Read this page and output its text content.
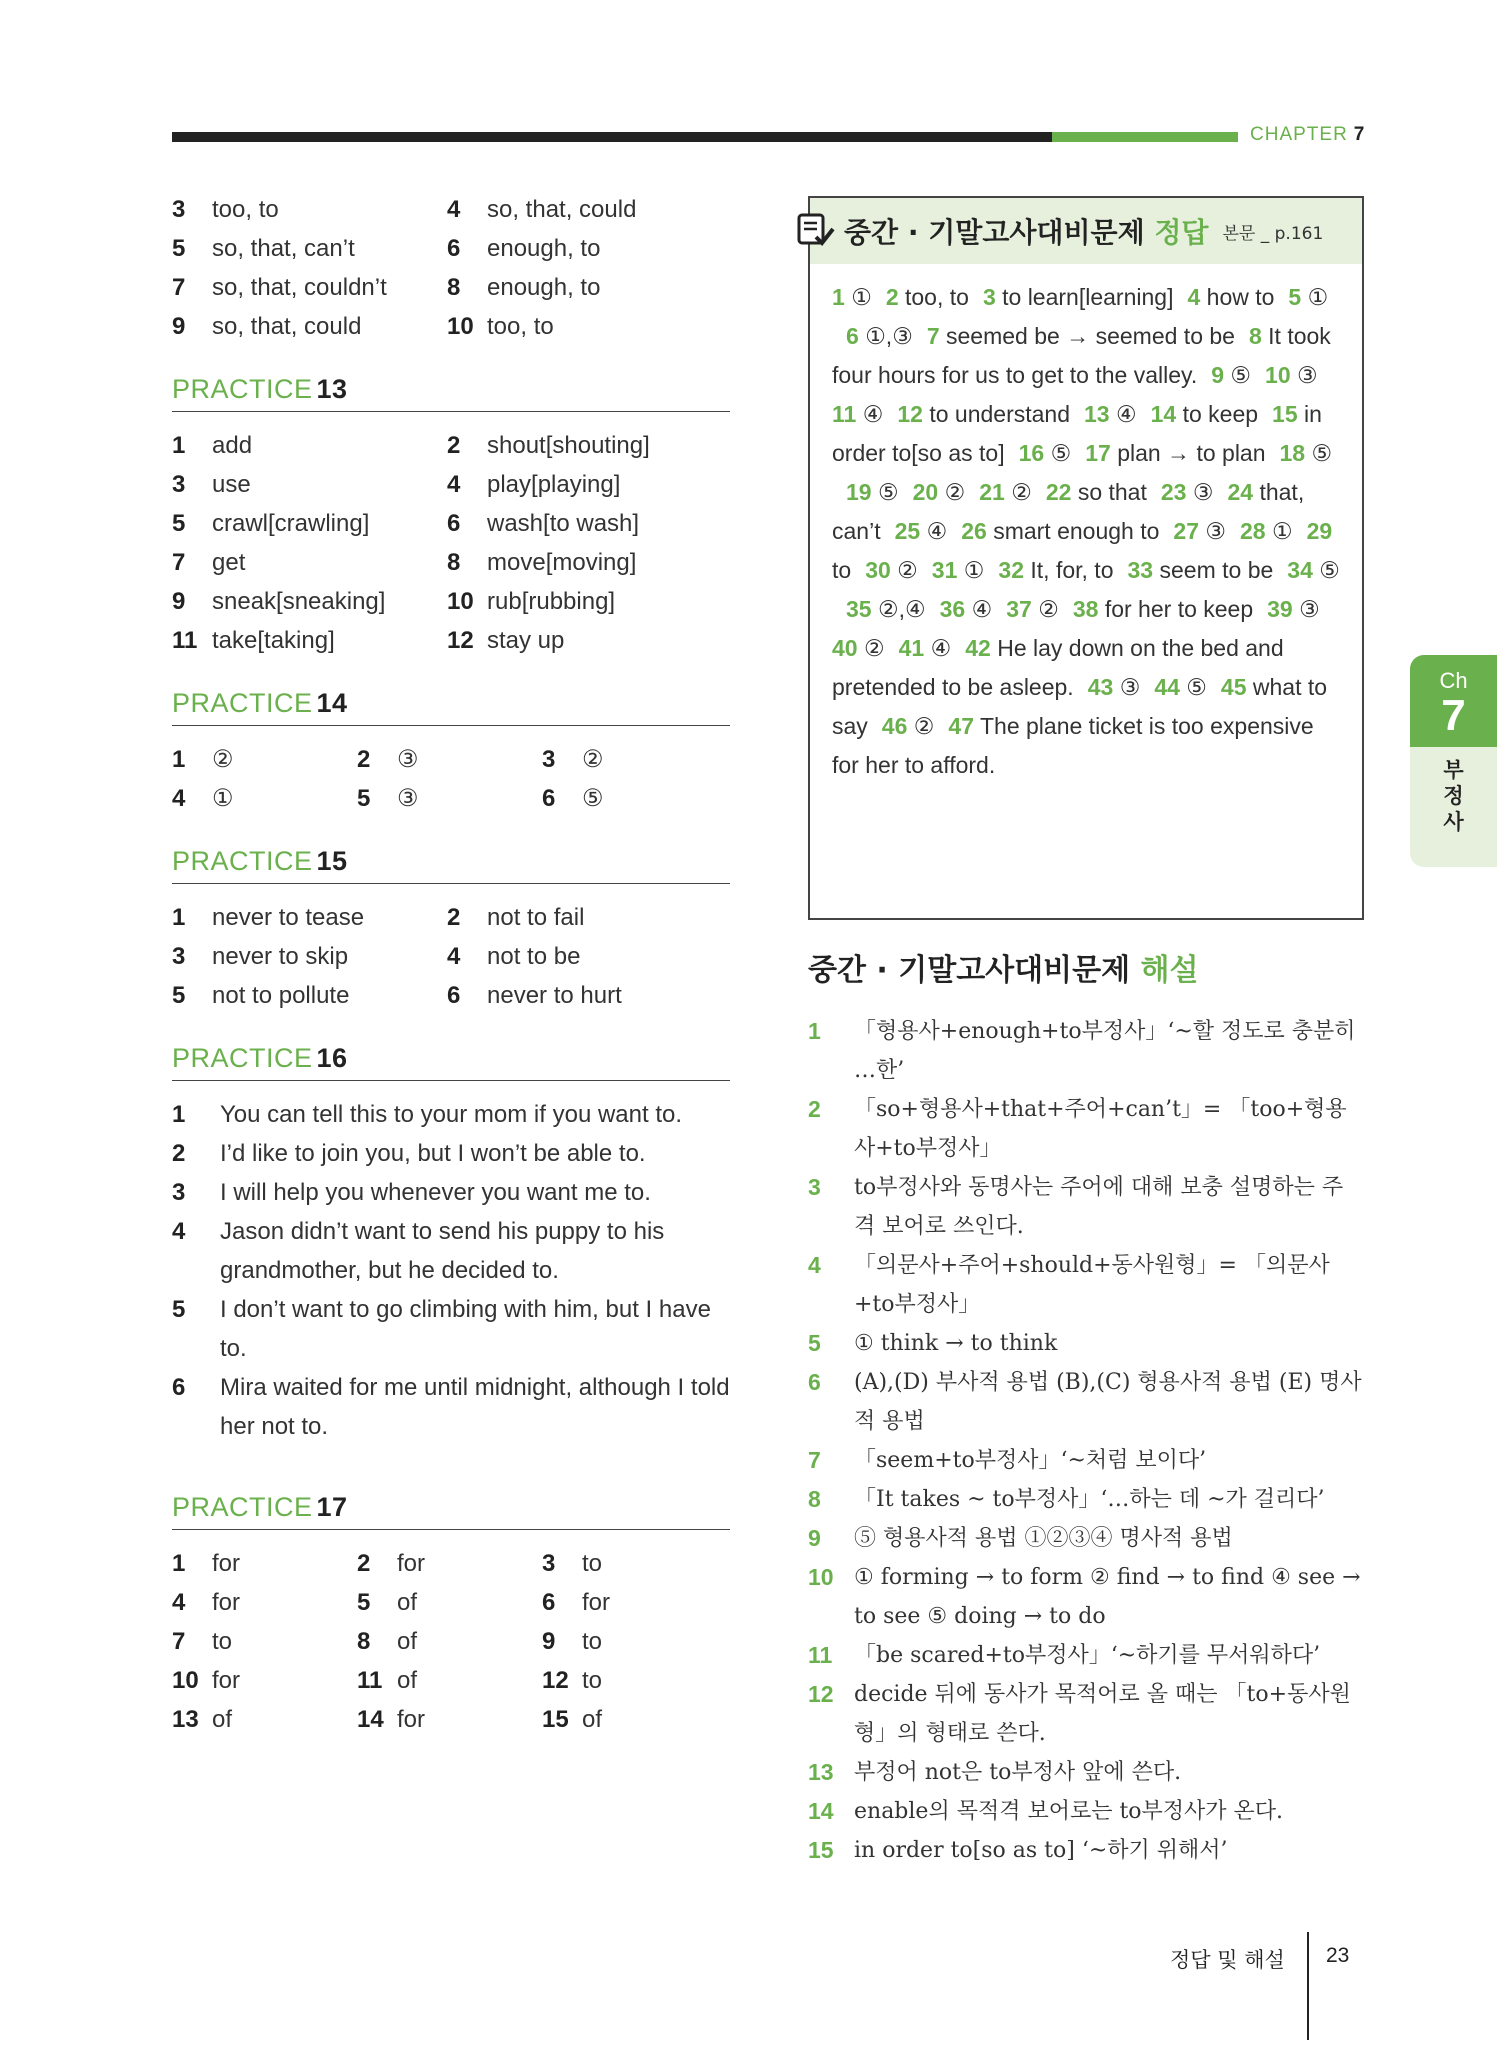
CHAPTER 7
3	too, to	4	so, that, could
5	so, that, can’t	6	enough, to
7	so, that, couldn’t	8	enough, to
9	so, that, could	10 too, to
PRACTICE 13
1	add	2	shout[shouting]
3	use	4	play[playing]
5	crawl[crawling]	6	wash[to wash]
7	get	8	move[moving]
9	sneak[sneaking]	10 rub[rubbing]
11 take[taking]	12 stay up
PRACTICE 14
1	②	2	③	3	②
4	①	5	③	6	⑤
PRACTICE 15
1	never to tease	2	not to fail
3	never to skip	4	not to be
5	not to pollute	6	never to hurt
PRACTICE 16
1	You can tell this to your mom if you want to.
2	I’d like to join you, but I won’t be able to.
3	I will help you whenever you want me to.
4	Jason didn’t want to send his puppy to his grandmother, but he decided to.
5	I don’t want to go climbing with him, but I have to.
6	Mira waited for me until midnight, although I told her not to.
PRACTICE 17
1	for	2	for	3	to
4	for	5	of	6	for
7	to	8	of	9	to
10 for	11 of	12 to
13 of	14 for	15 of
중간 · 기말고사대비문제 정답 본문 _ p.161
1 ① 2 too, to 3 to learn[learning] 4 how to 5 ①6 ①,③ 7 seemed be → seemed to be 8 It took four hours for us to get to the valley. 9 ⑤ 10 ③11 ④ 12 to understand 13 ④ 14 to keep 15 in order to[so as to] 16 ⑤ 17 plan → to plan 18 ⑤19 ⑤ 20 ② 21 ② 22 so that 23 ③ 24 that, can’t 25 ④ 26 smart enough to 27 ③ 28 ① 29 to 30 ② 31 ① 32 It, for, to 33 seem to be 34 ⑤35 ②,④ 36 ④ 37 ② 38 for her to keep 39 ③40 ② 41 ④ 42 He lay down on the bed and pretended to be asleep. 43 ③ 44 ⑤ 45 what to say 46 ② 47 The plane ticket is too expensive for her to afford.
중간 · 기말고사대비문제 해설
1	「형용사+enough+to부정사」‘~할 정도로 충분히 …한’
2	「so+형용사+that+주어+can’t」= 「too+형용사+to부정사」
3	to부정사와 동명사는 주어에 대해 보충 설명하는 주격 보어로 쓰인다.
4	「의문사+주어+should+동사원형」= 「의문사+to부정사」
5	① think → to think
6	(A),(D) 부사적 용법 (B),(C) 형용사적 용법 (E) 명사적 용법
7	「seem+to부정사」‘~처럼 보이다’
8	「It takes ~ to부정사」‘…하는 데 ~가 걸리다’
9	⑤ 형용사적 용법 ①②③④ 명사적 용법
10 ① forming → to form ② find → to find ④ see → to see ⑤ doing → to do
11 「be scared+to부정사」‘~하기를 무서워하다’
12 decide 뒤에 동사가 목적어로 올 때는 「to+동사원형」의 형태로 쓴다.
13 부정어 not은 to부정사 앞에 쓴다.
14 enable의 목적격 보어로는 to부정사가 온다.
15 in order to[so as to] ‘~하기 위해서’
Ch
7
부정사
정답 및 해설 23
